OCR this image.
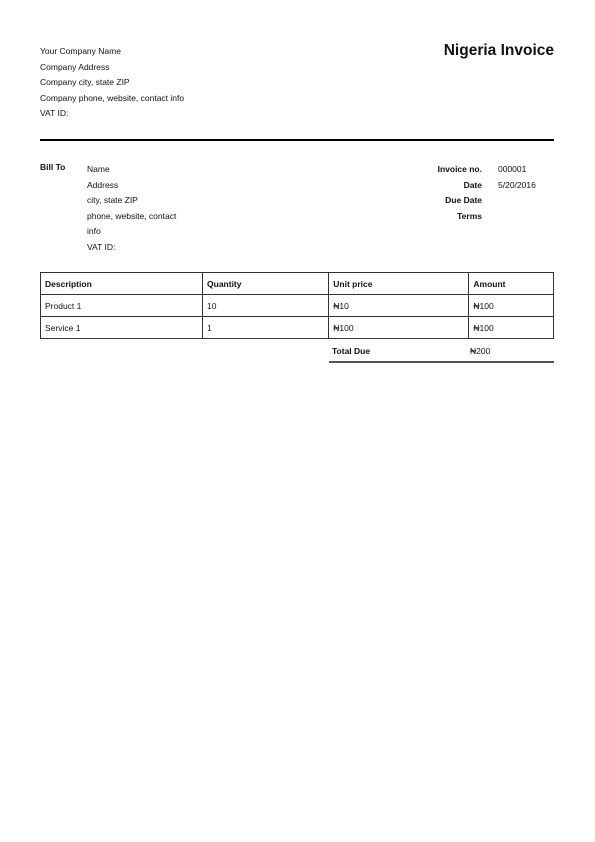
Your Company Name
Company Address
Company city, state ZIP
Company phone, website, contact info
VAT ID:
Nigeria Invoice
Bill To	Name
Address
city, state ZIP
phone, website, contact
info
VAT ID:
Invoice no.	000001
Date	5/20/2016
Due Date
Terms
Description	Quantity	Unit price	Amount
Product 1	10	₦10	₦100
Service 1	1	₦100	₦100
Total Due	₦200
